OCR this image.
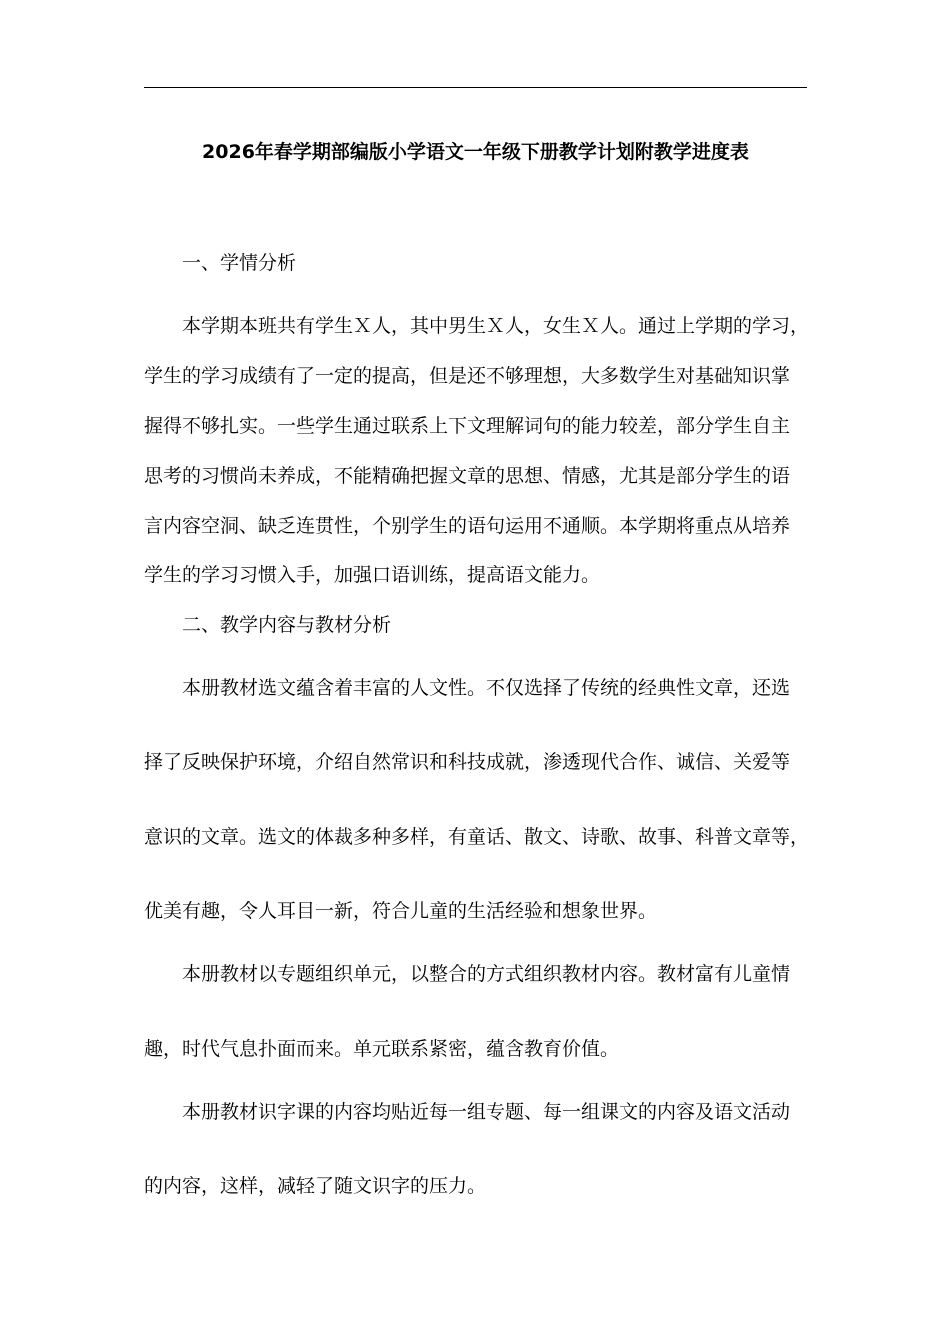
2026年春学期部编版小学语文一年级下册教学计划附教学进度表
一、学情分析
本学期本班共有学生Ｘ人，其中男生Ｘ人，女生Ｘ人。通过上学期的学习，
学生的学习成绩有了一定的提高，但是还不够理想，大多数学生对基础知识掌
握得不够扎实。一些学生通过联系上下文理解词句的能力较差，部分学生自主
思考的习惯尚未养成，不能精确把握文章的思想、情感，尤其是部分学生的语
言内容空洞、缺乏连贯性，个别学生的语句运用不通顺。本学期将重点从培养
学生的学习习惯入手，加强口语训练，提高语文能力。
二、教学内容与教材分析
本册教材选文蕴含着丰富的人文性。不仅选择了传统的经典性文章，还选
择了反映保护环境，介绍自然常识和科技成就，渗透现代合作、诚信、关爱等
意识的文章。选文的体裁多种多样，有童话、散文、诗歌、故事、科普文章等，
优美有趣，令人耳目一新，符合儿童的生活经验和想象世界。
本册教材以专题组织单元，以整合的方式组织教材内容。教材富有儿童情
趣，时代气息扑面而来。单元联系紧密，蕴含教育价值。
本册教材识字课的内容均贴近每一组专题、每一组课文的内容及语文活动
的内容，这样，减轻了随文识字的压力。
